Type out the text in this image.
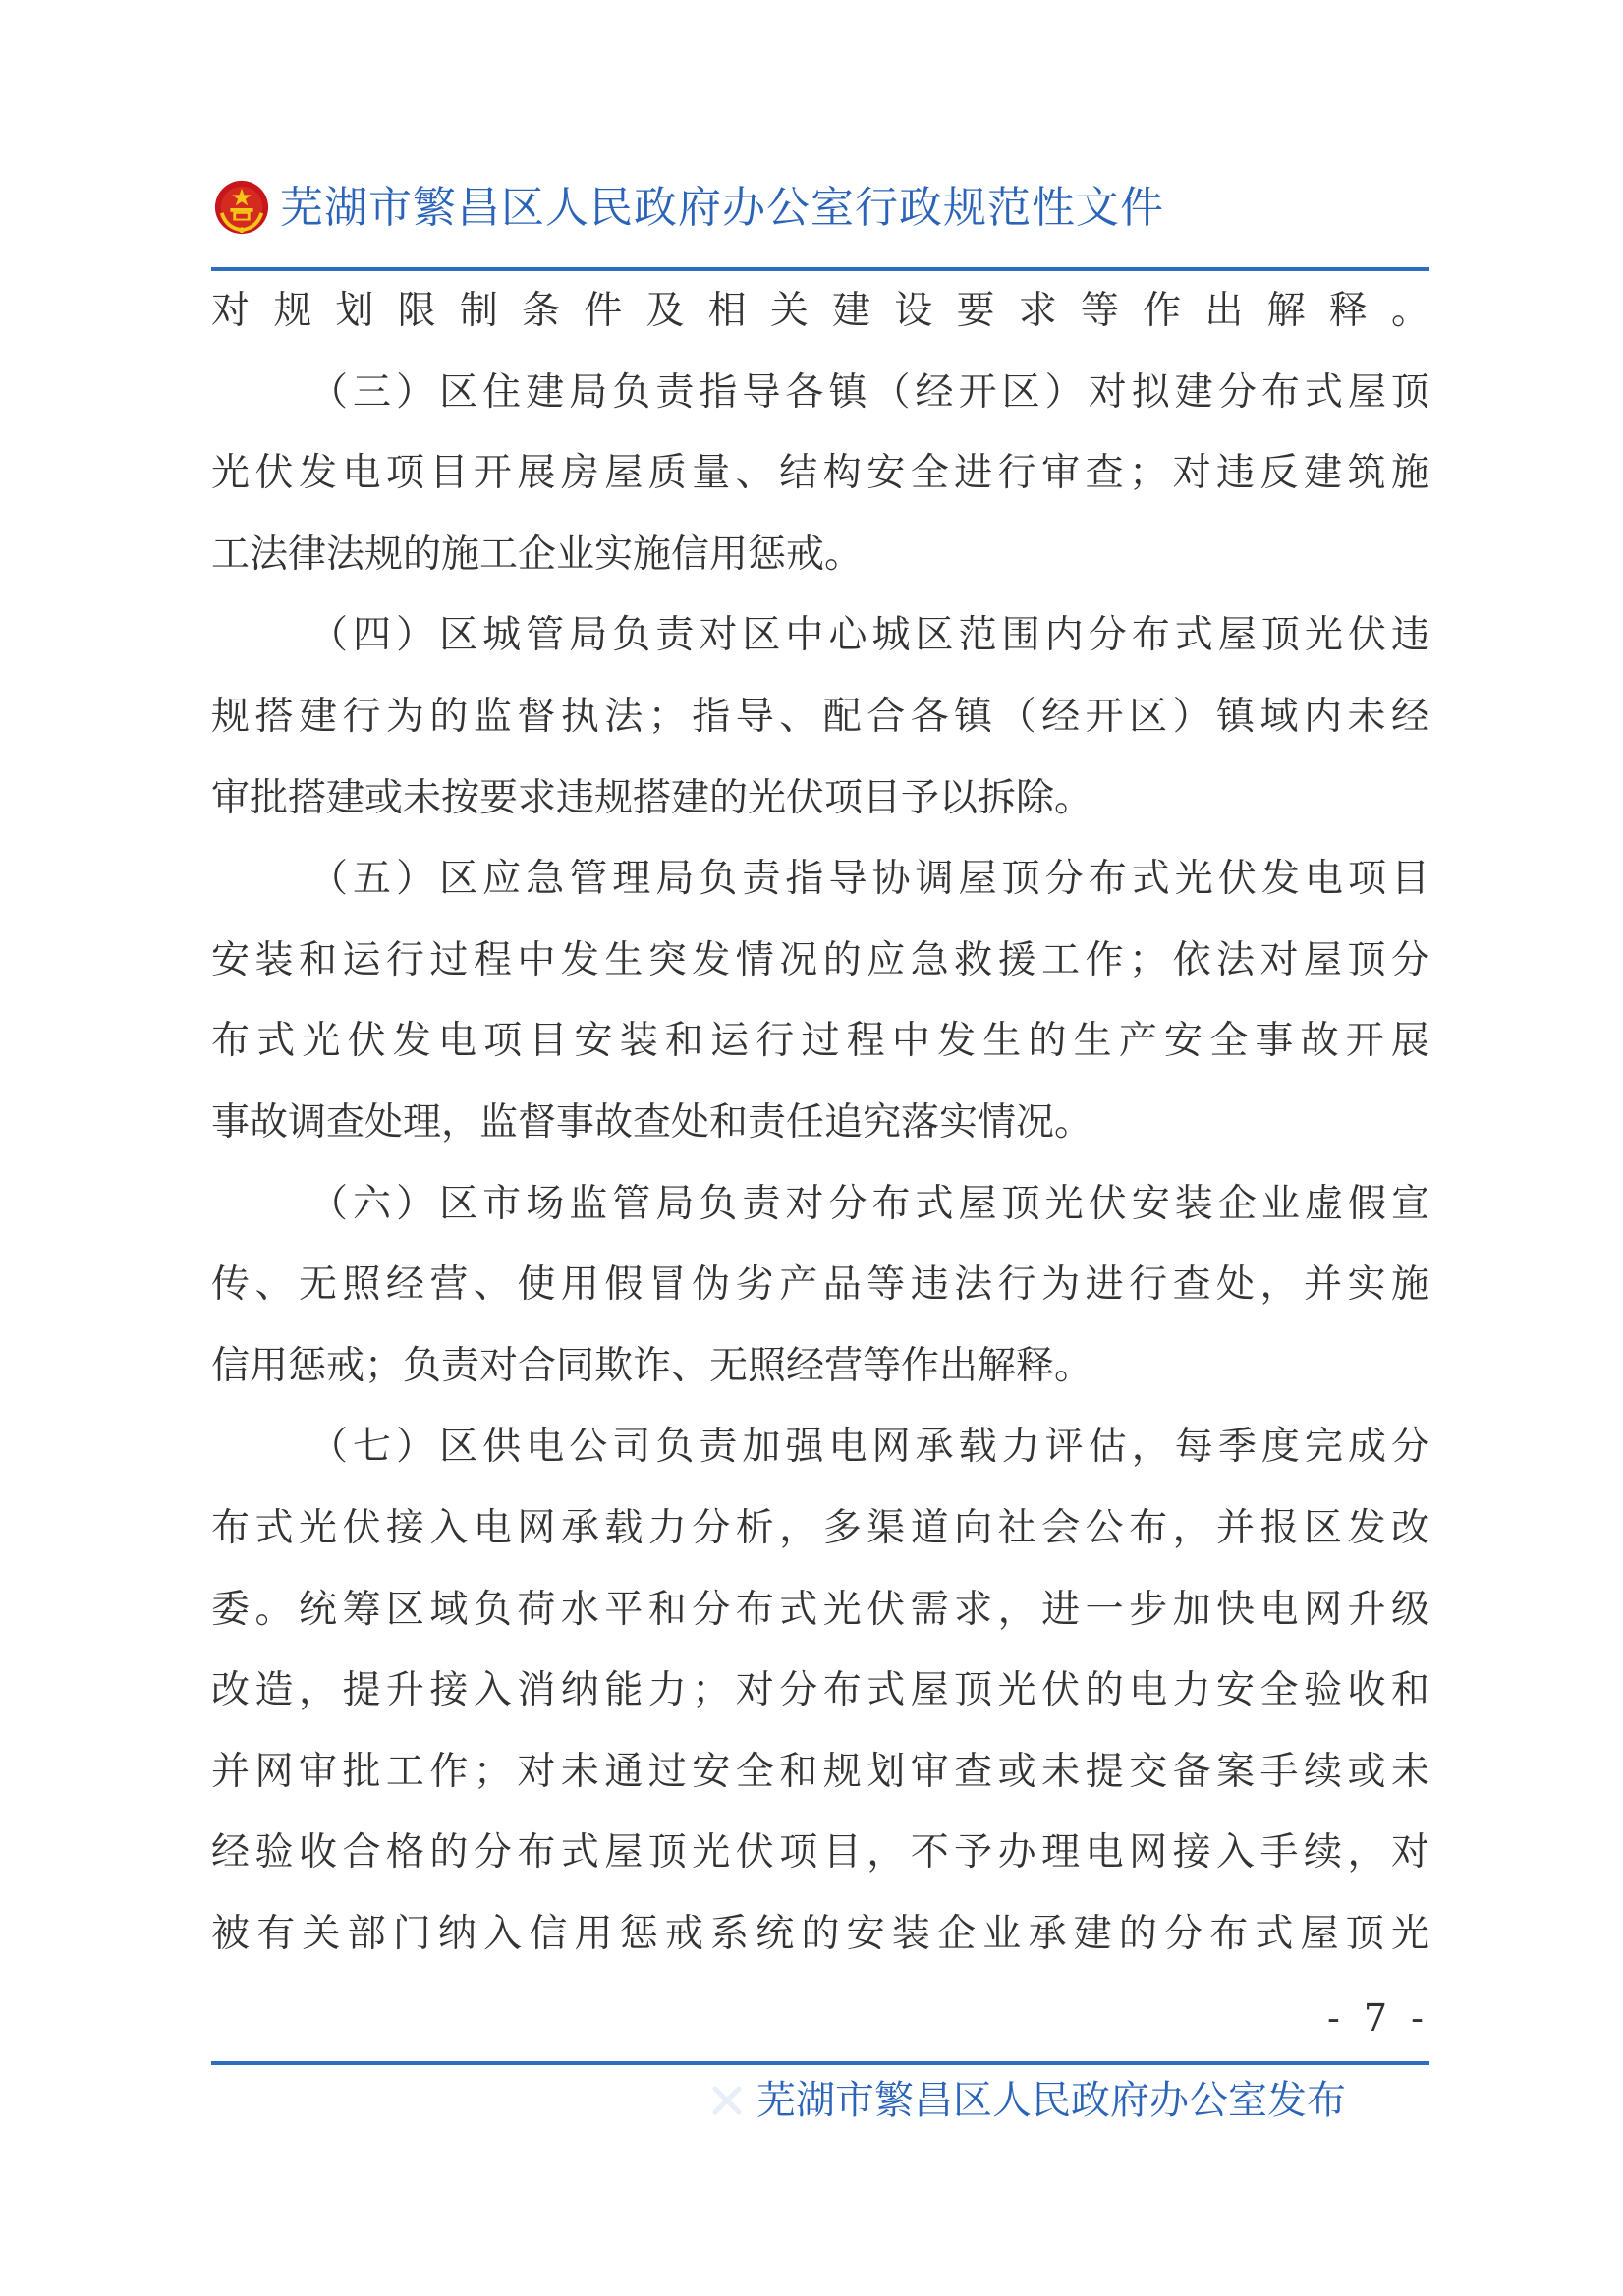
芜湖市繁昌区人民政府办公室行政规范性文件
对规划限制条件及相关建设要求等作出解释。
（三）区住建局负责指导各镇（经开区）对拟建分布式屋顶
光伏发电项目开展房屋质量、结构安全进行审查；对违反建筑施
工法律法规的施工企业实施信用惩戒。
（四）区城管局负责对区中心城区范围内分布式屋顶光伏违
规搭建行为的监督执法；指导、配合各镇（经开区）镇域内未经
审批搭建或未按要求违规搭建的光伏项目予以拆除。
（五）区应急管理局负责指导协调屋顶分布式光伏发电项目
安装和运行过程中发生突发情况的应急救援工作；依法对屋顶分
布式光伏发电项目安装和运行过程中发生的生产安全事故开展
事故调查处理，监督事故查处和责任追究落实情况。
（六）区市场监管局负责对分布式屋顶光伏安装企业虚假宣
传、无照经营、使用假冒伪劣产品等违法行为进行查处，并实施
信用惩戒；负责对合同欺诈、无照经营等作出解释。
（七）区供电公司负责加强电网承载力评估，每季度完成分
布式光伏接入电网承载力分析，多渠道向社会公布，并报区发改
委。统筹区域负荷水平和分布式光伏需求，进一步加快电网升级
改造，提升接入消纳能力；对分布式屋顶光伏的电力安全验收和
并网审批工作；对未通过安全和规划审查或未提交备案手续或未
经验收合格的分布式屋顶光伏项目，不予办理电网接入手续，对
被有关部门纳入信用惩戒系统的安装企业承建的分布式屋顶光
- 7 -
芜湖市繁昌区人民政府办公室发布
